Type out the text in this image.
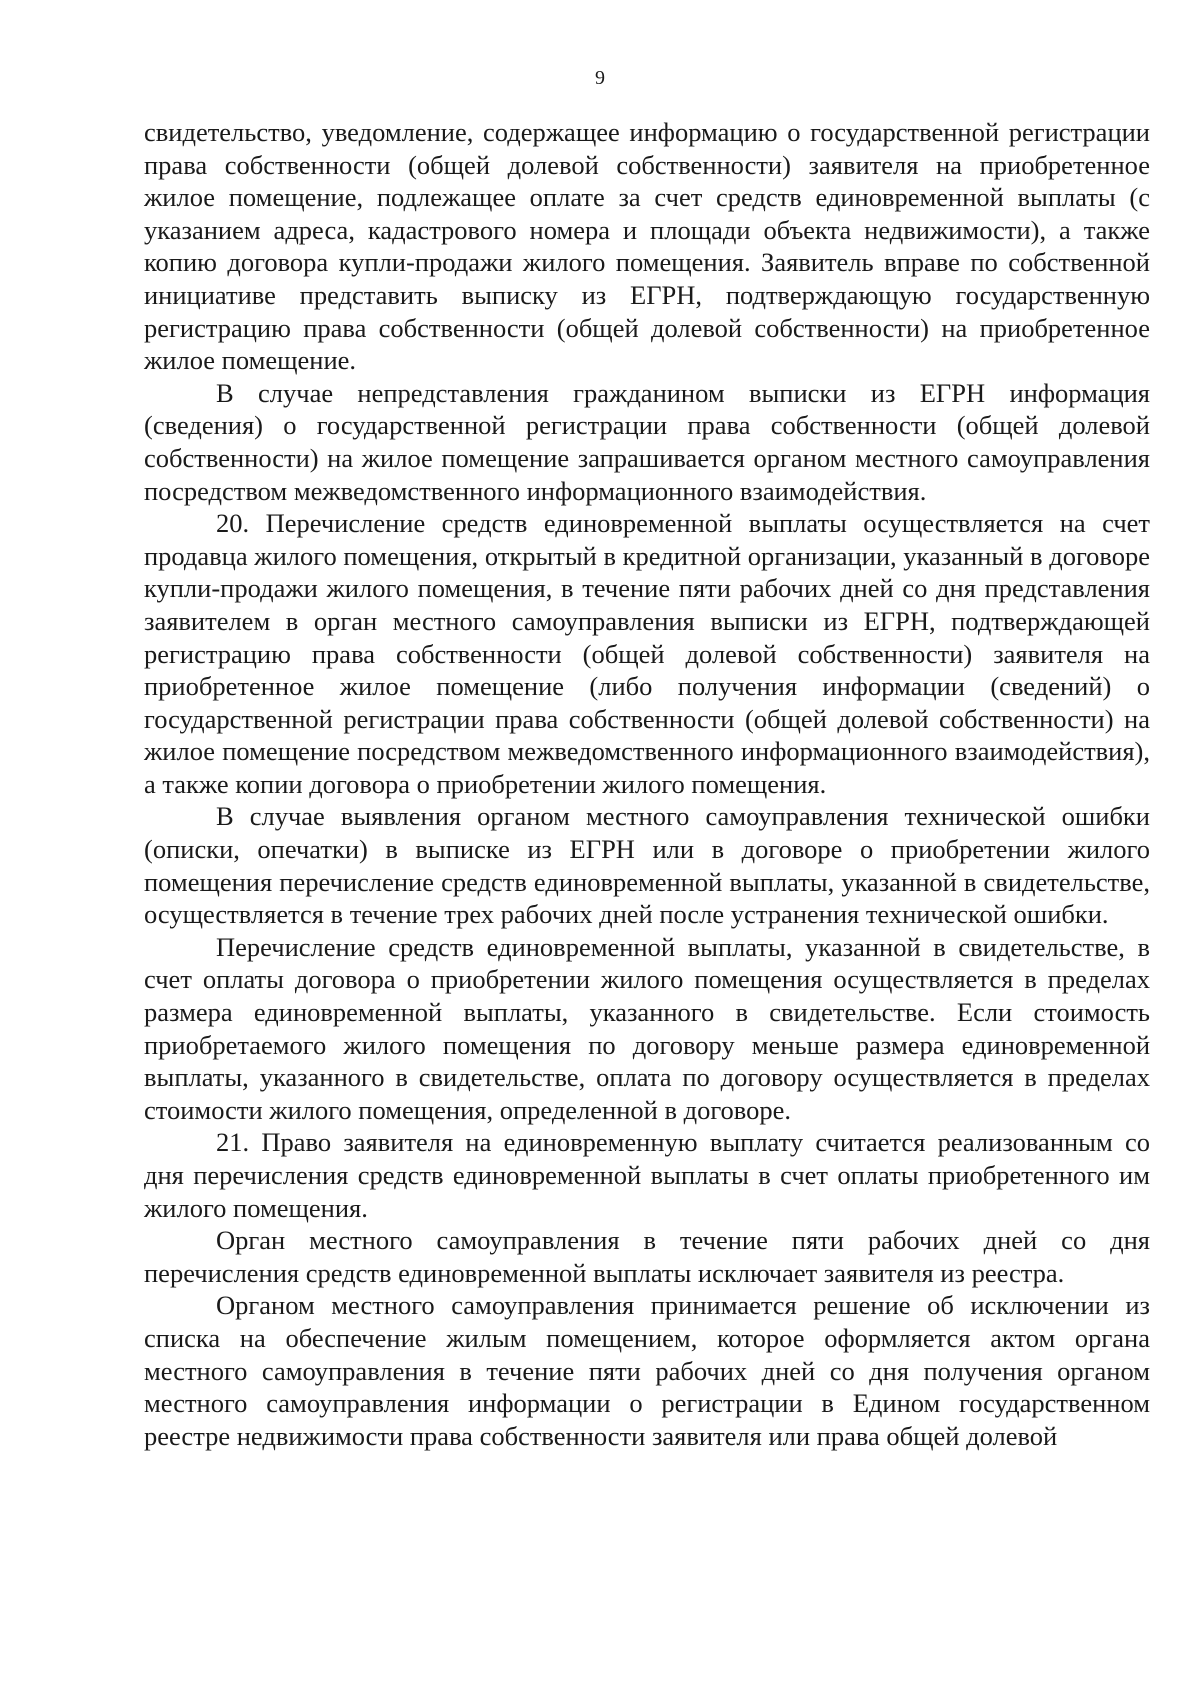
9

свидетельство, уведомление, содержащее информацию о государственной регистрации права собственности (общей долевой собственности) заявителя на приобретенное жилое помещение, подлежащее оплате за счет средств единовременной выплаты (с указанием адреса, кадастрового номера и площади объекта недвижимости), а также копию договора купли-продажи жилого помещения. Заявитель вправе по собственной инициативе представить выписку из ЕГРН, подтверждающую государственную регистрацию права собственности (общей долевой собственности) на приобретенное жилое помещение.

В случае непредставления гражданином выписки из ЕГРН информация (сведения) о государственной регистрации права собственности (общей долевой собственности) на жилое помещение запрашивается органом местного самоуправления посредством межведомственного информационного взаимодействия.

20. Перечисление средств единовременной выплаты осуществляется на счет продавца жилого помещения, открытый в кредитной организации, указанный в договоре купли-продажи жилого помещения, в течение пяти рабочих дней со дня представления заявителем в орган местного самоуправления выписки из ЕГРН, подтверждающей регистрацию права собственности (общей долевой собственности) заявителя на приобретенное жилое помещение (либо получения информации (сведений) о государственной регистрации права собственности (общей долевой собственности) на жилое помещение посредством межведомственного информационного взаимодействия), а также копии договора о приобретении жилого помещения.

В случае выявления органом местного самоуправления технической ошибки (описки, опечатки) в выписке из ЕГРН или в договоре о приобретении жилого помещения перечисление средств единовременной выплаты, указанной в свидетельстве, осуществляется в течение трех рабочих дней после устранения технической ошибки.

Перечисление средств единовременной выплаты, указанной в свидетельстве, в счет оплаты договора о приобретении жилого помещения осуществляется в пределах размера единовременной выплаты, указанного в свидетельстве. Если стоимость приобретаемого жилого помещения по договору меньше размера единовременной выплаты, указанного в свидетельстве, оплата по договору осуществляется в пределах стоимости жилого помещения, определенной в договоре.

21. Право заявителя на единовременную выплату считается реализованным со дня перечисления средств единовременной выплаты в счет оплаты приобретенного им жилого помещения.

Орган местного самоуправления в течение пяти рабочих дней со дня перечисления средств единовременной выплаты исключает заявителя из реестра.

Органом местного самоуправления принимается решение об исключении из списка на обеспечение жилым помещением, которое оформляется актом органа местного самоуправления в течение пяти рабочих дней со дня получения органом местного самоуправления информации о регистрации в Едином государственном реестре недвижимости права собственности заявителя или права общей долевой
